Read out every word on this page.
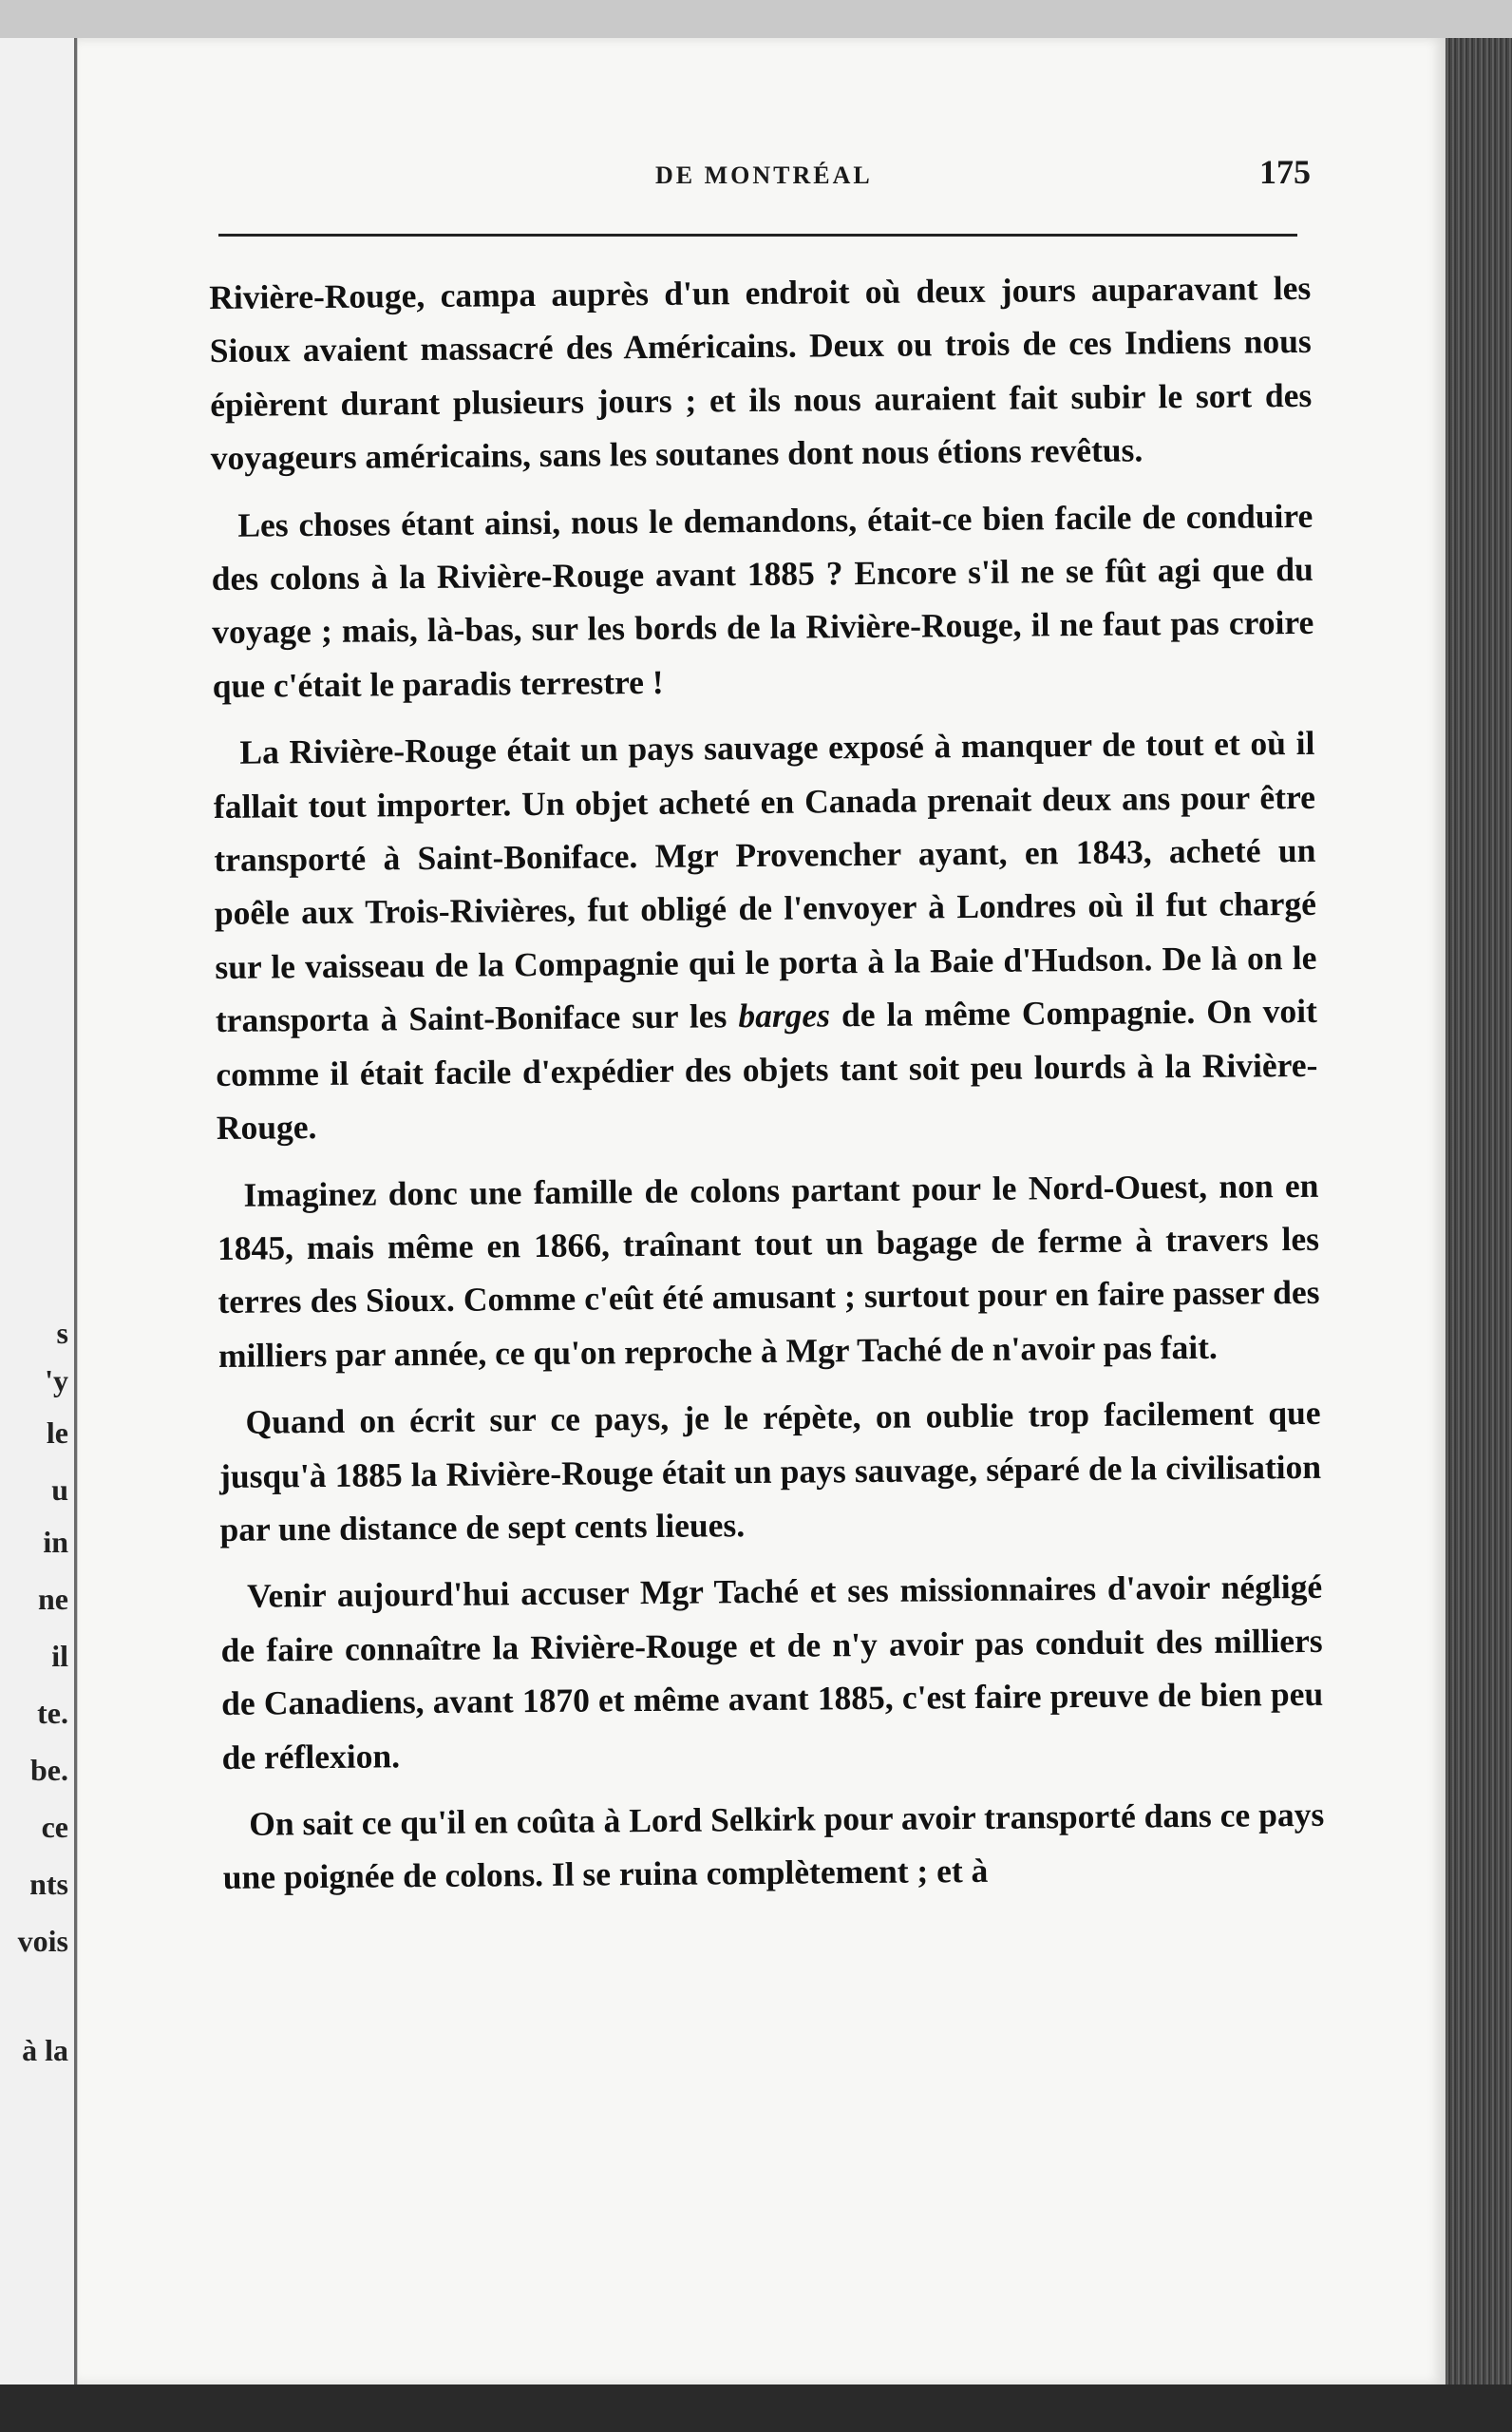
s
'y
le
u
in
ne
il
te.
be.
ce
nts
vois
à la
DE MONTRÉAL	175

Rivière-Rouge, campa auprès d'un endroit où deux jours auparavant les Sioux avaient massacré des Américains. Deux ou trois de ces Indiens nous épièrent durant plusieurs jours ; et ils nous auraient fait subir le sort des voyageurs américains, sans les soutanes dont nous étions revêtus.

Les choses étant ainsi, nous le demandons, était-ce bien facile de conduire des colons à la Rivière-Rouge avant 1885 ? Encore s'il ne se fût agi que du voyage ; mais, là-bas, sur les bords de la Rivière-Rouge, il ne faut pas croire que c'était le paradis terrestre !

La Rivière-Rouge était un pays sauvage exposé à manquer de tout et où il fallait tout importer. Un objet acheté en Canada prenait deux ans pour être transporté à Saint-Boniface. Mgr Provencher ayant, en 1843, acheté un poêle aux Trois-Rivières, fut obligé de l'envoyer à Londres où il fut chargé sur le vaisseau de la Compagnie qui le porta à la Baie d'Hudson. De là on le transporta à Saint-Boniface sur les barges de la même Compagnie. On voit comme il était facile d'expédier des objets tant soit peu lourds à la Rivière-Rouge.

Imaginez donc une famille de colons partant pour le Nord-Ouest, non en 1845, mais même en 1866, traînant tout un bagage de ferme à travers les terres des Sioux. Comme c'eût été amusant ; surtout pour en faire passer des milliers par année, ce qu'on reproche à Mgr Taché de n'avoir pas fait.

Quand on écrit sur ce pays, je le répète, on oublie trop facilement que jusqu'à 1885 la Rivière-Rouge était un pays sauvage, séparé de la civilisation par une distance de sept cents lieues.

Venir aujourd'hui accuser Mgr Taché et ses missionnaires d'avoir négligé de faire connaître la Rivière-Rouge et de n'y avoir pas conduit des milliers de Canadiens, avant 1870 et même avant 1885, c'est faire preuve de bien peu de réflexion.

On sait ce qu'il en coûta à Lord Selkirk pour avoir transporté dans ce pays une poignée de colons. Il se ruina complètement ; et à
